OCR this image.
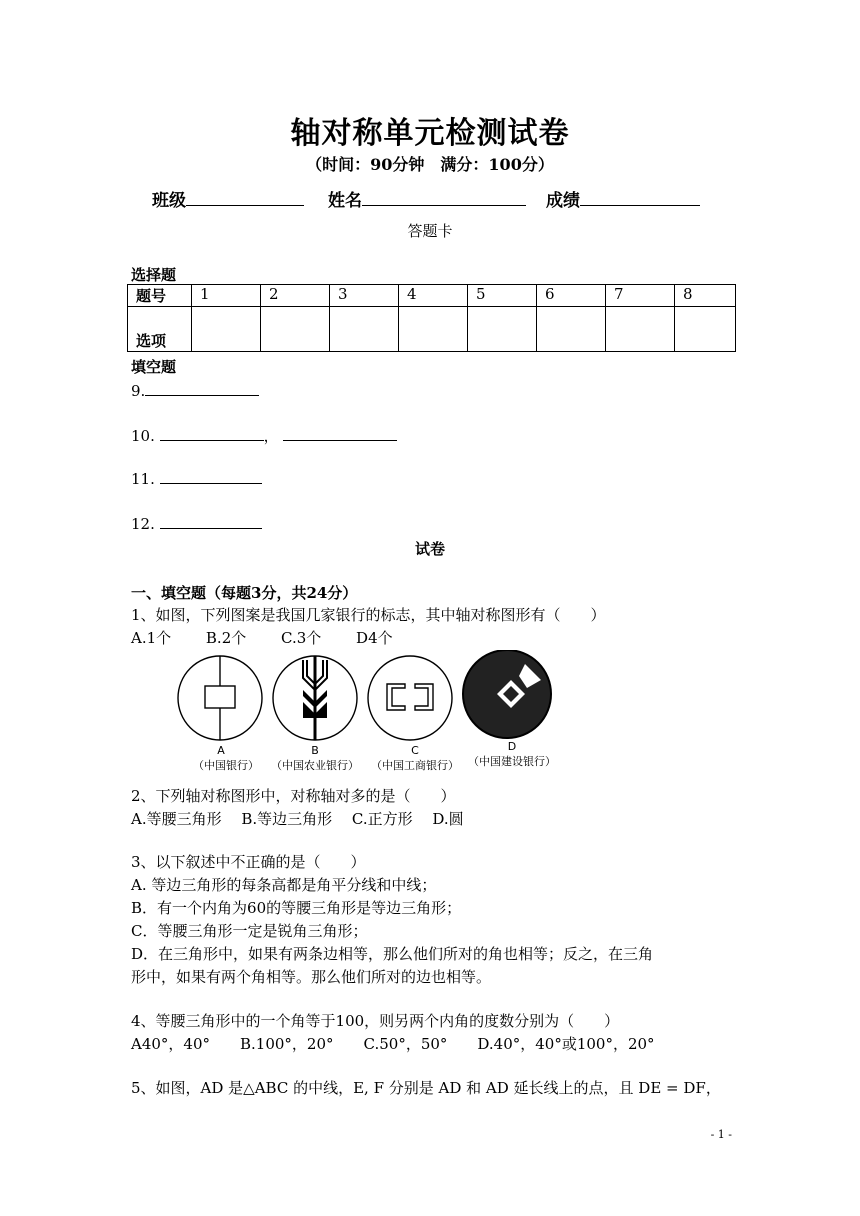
轴对称单元检测试卷
（时间：90分钟　满分：100分）
班级	姓名	成绩
答题卡
选择题
题号	1	2	3	4	5	6	7	8
选项								
填空题
9.
10.	，
11.
12.
试卷
一、填空题（每题3分，共24分）
1、如图，下列图案是我国几家银行的标志，其中轴对称图形有（　　）
A.1个　　 B.2个　　 C.3个　　 D4个
A
（中国银行）
B
（中国农业银行）
C
（中国工商银行）
D
（中国建设银行）
2、下列轴对称图形中，对称轴对多的是（　　）
A.等腰三角形　 B.等边三角形　 C.正方形　 D.圆
3、以下叙述中不正确的是（　　）
A. 等边三角形的每条高都是角平分线和中线；
B．有一个内角为60的等腰三角形是等边三角形；
C．等腰三角形一定是锐角三角形；
D．在三角形中，如果有两条边相等，那么他们所对的角也相等；反之，在三角
形中，如果有两个角相等。那么他们所对的边也相等。
4、等腰三角形中的一个角等于100，则另两个内角的度数分别为（　　）
A40°，40°　　B.100°，20°　　C.50°，50°　　D.40°，40°或100°，20°
5、如图，AD 是△ABC 的中线，E, F 分别是 AD 和 AD 延长线上的点，且 DE = DF，
- 1 -
